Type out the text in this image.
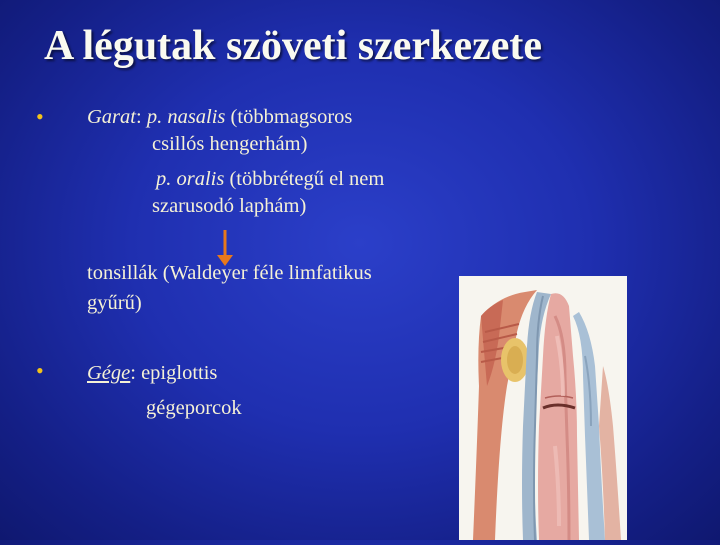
A légutak szöveti szerkezete
• Garat: p. nasalis (többmagsoros
csillós hengerhám)
p. oralis (többrétegű el nem
szarusodó laphám)
tonsillák (Waldeyer féle limfatikus
gyűrű)
• Gége: epiglottis
gégeporcok
